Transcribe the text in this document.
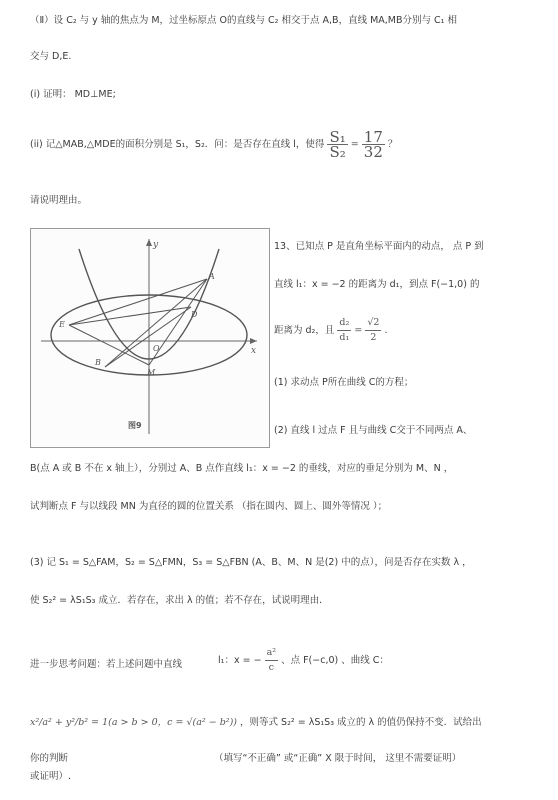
（Ⅱ）设 C₂ 与 y 轴的焦点为 M，过坐标原点 O的直线与 C₂ 相交于点 A,B，直线 MA,MB分别与 C₁ 相
交与 D,E.
(i) 证明： MD⊥ME;
(ii) 记△MAB,△MDE的面积分别是 S₁，S₂．问：是否存在直线 l，使得 $\frac{\text{S₁}}{\text{S₂}} = \frac{17}{32}$ ？
请说明理由。
y
x
A
B
D
E
O
M
图9
13、已知点 P 是直角坐标平面内的动点， 点 P 到
直线 l₁：x = −2 的距离为 d₁，到点 F(−1,0) 的
距离为 d₂，且 $\frac{\text{d₂}}{\text{d₁}} = \frac{√2}{2}$ .
(1) 求动点 P所在曲线 C的方程；
(2) 直线 l 过点 F 且与曲线 C交于不同两点 A、
B(点 A 或 B 不在 x 轴上），分别过 A、B 点作直线 l₁：x = −2 的垂线，对应的垂足分别为 M、N ，
试判断点 F 与以线段 MN 为直径的圆的位置关系 （指在圆内、圆上、圆外等情况 ）；
(3) 记 S₁ = S△FAM，S₂ = S△FMN，S₃ = S△FBN (A、B、M、N 是(2) 中的点），问是否存在实数 λ ，
使 S₂² = λS₁S₃ 成立．若存在，求出 λ 的值；若不存在，试说明理由．
进一步思考问题：若上述问题中直线	l₁：x = − $\frac{\text{a²}}{c}$ 、点 F(−c,0) 、曲线 C：
x²/a² + y²/b² = 1(a > b > 0，c = √(a² − b²)) ，则等式 S₂² = λS₁S₃ 成立的 λ 的值仍保持不变．试给出
你的判断	（填写“不正确” 或“正确” X 限于时间， 这里不需要证明）
或证明）.
